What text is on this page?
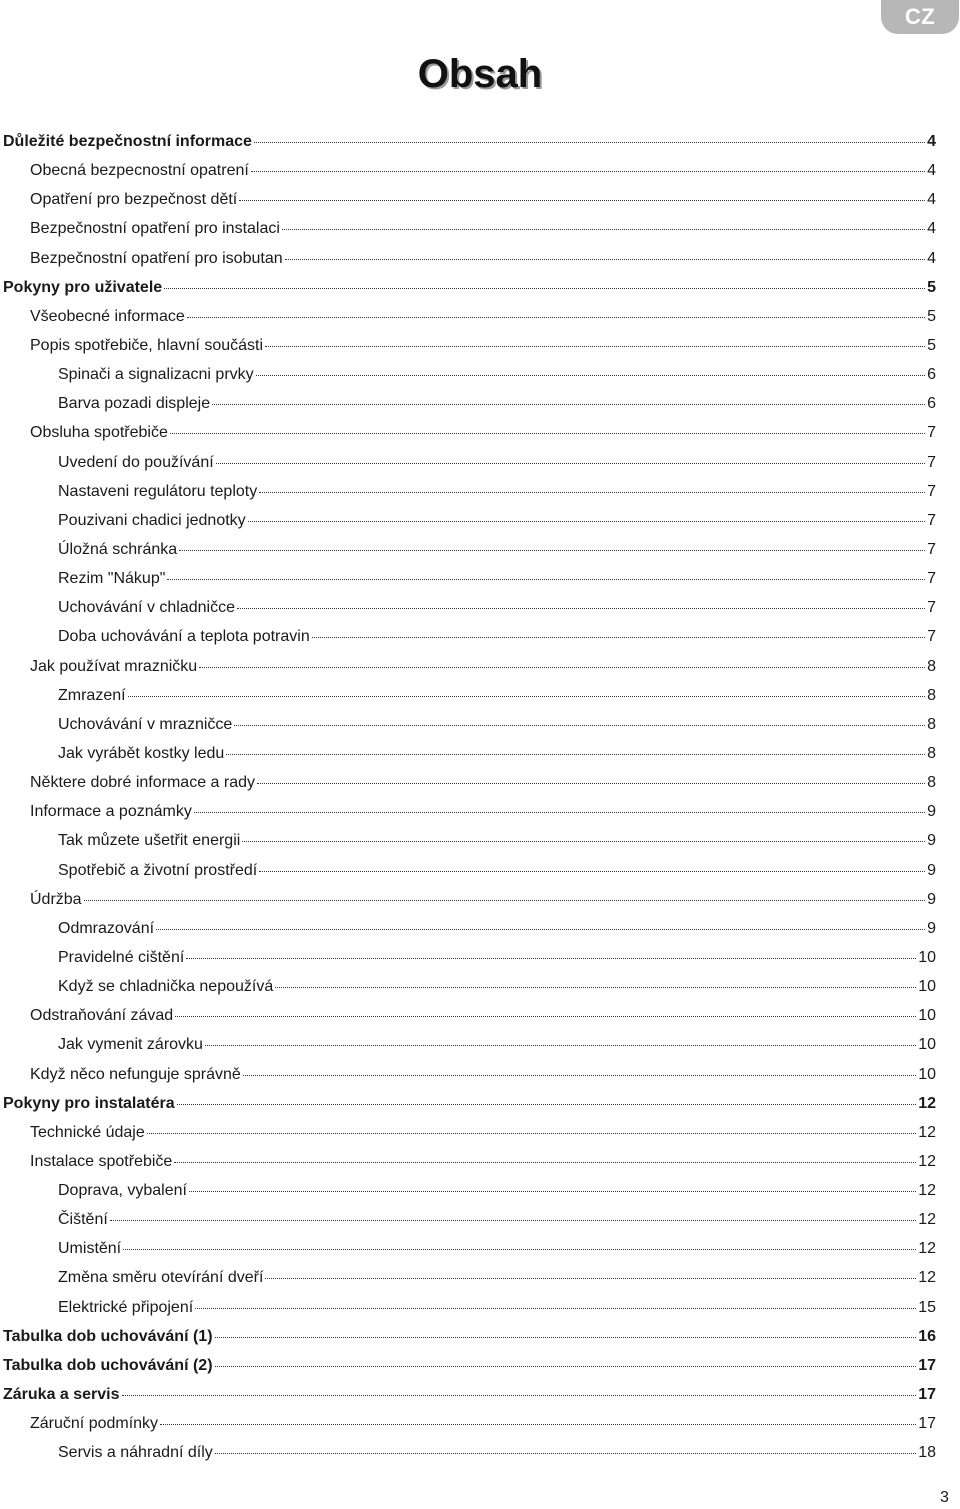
CZ
Obsah
Důležité bezpečnostní informace	4
Obecná bezpecnostní opatrení	4
Opatření pro bezpečnost dětí	4
Bezpečnostní opatření pro instalaci	4
Bezpečnostní opatření pro isobutan	4
Pokyny pro uživatele	5
Všeobecné informace	5
Popis spotřebiče, hlavní součásti	5
Spinači a signalizacni prvky	6
Barva pozadi displeje	6
Obsluha spotřebiče	7
Uvedení do používání	7
Nastaveni regulátoru teploty	7
Pouzivani chadici jednotky	7
Úložná schránka	7
Rezim "Nákup"	7
Uchovávání v chladničce	7
Doba uchovávání a teplota potravin	7
Jak používat mrazničku	8
Zmrazení	8
Uchovávání v mrazničce	8
Jak vyrábět kostky ledu	8
Některe dobré informace a rady	8
Informace a poznámky	9
Tak můzete ušetřit energii	9
Spotřebič a životní prostředí	9
Údržba	9
Odmrazování	9
Pravidelné cištění	10
Když se chladnička nepoužívá	10
Odstraňování závad	10
Jak vymenit zárovku	10
Když něco nefunguje správně	10
Pokyny pro instalatéra	12
Technické údaje	12
Instalace spotřebiče	12
Doprava, vybalení	12
Čištění	12
Umistění	12
Změna směru otevírání dveří	12
Elektrické připojení	15
Tabulka dob uchovávání (1)	16
Tabulka dob uchovávání (2)	17
Záruka a servis	17
Záruční podmínky	17
Servis a náhradní díly	18
3
